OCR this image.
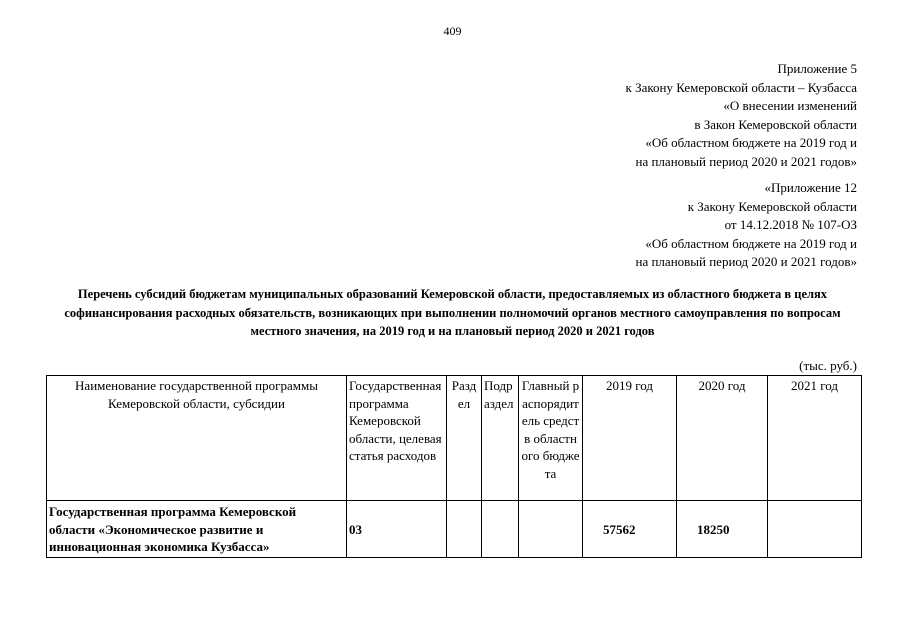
409
Приложение 5
к Закону Кемеровской области – Кузбасса
«О внесении изменений
в Закон Кемеровской области
«Об областном бюджете на 2019 год и
на плановый период 2020 и 2021 годов»
«Приложение 12
к Закону Кемеровской области
от 14.12.2018 № 107-ОЗ
«Об областном бюджете на 2019 год и
на плановый период 2020 и 2021 годов»
Перечень субсидий бюджетам муниципальных образований Кемеровской области, предоставляемых из областного бюджета в целях софинансирования расходных обязательств, возникающих при выполнении полномочий органов местного самоуправления по вопросам местного значения, на 2019 год и на плановый период 2020 и 2021 годов
(тыс. руб.)
Наименование государственной программы Кемеровской области, субсидии	Государственная программа Кемеровской области, целевая статья расходов	Раздел	Подраздел	Главный распорядитель средств областного бюджета	2019 год	2020 год	2021 год
Государственная программа Кемеровской области «Экономическое развитие и инновационная экономика Кузбасса»	03				57562	18250	
